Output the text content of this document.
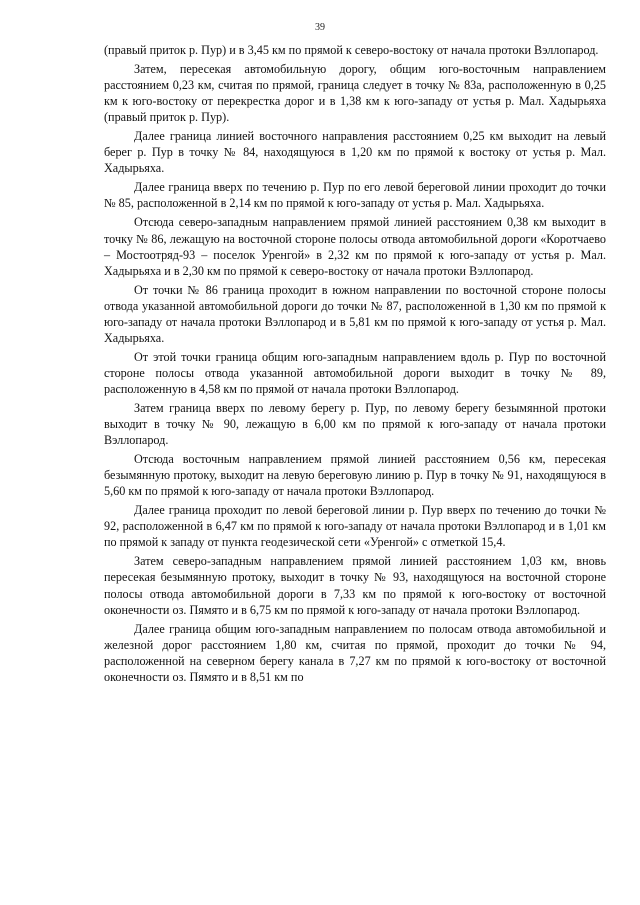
39

(правый приток р. Пур) и в 3,45 км по прямой к северо-востоку от начала протоки Вэллопарод.

Затем, пересекая автомобильную дорогу, общим юго-восточным направлением расстоянием 0,23 км, считая по прямой, граница следует в точку № 83а, расположенную в 0,25 км к юго-востоку от перекрестка дорог и в 1,38 км к юго-западу от устья р. Мал. Хадырьяха (правый приток р. Пур).

Далее граница линией восточного направления расстоянием 0,25 км выходит на левый берег р. Пур в точку № 84, находящуюся в 1,20 км по прямой к востоку от устья р. Мал. Хадырьяха.

Далее граница вверх по течению р. Пур по его левой береговой линии проходит до точки № 85, расположенной в 2,14 км по прямой к юго-западу от устья р. Мал. Хадырьяха.

Отсюда северо-западным направлением прямой линией расстоянием 0,38 км выходит в точку № 86, лежащую на восточной стороне полосы отвода автомобильной дороги «Коротчаево – Мостоотряд-93 – поселок Уренгой» в 2,32 км по прямой к юго-западу от устья р. Мал. Хадырьяха и в 2,30 км по прямой к северо-востоку от начала протоки Вэллопарод.

От точки № 86 граница проходит в южном направлении по восточной стороне полосы отвода указанной автомобильной дороги до точки № 87, расположенной в 1,30 км по прямой к юго-западу от начала протоки Вэллопарод и в 5,81 км по прямой к юго-западу от устья р. Мал. Хадырьяха.

От этой точки граница общим юго-западным направлением вдоль р. Пур по восточной стороне полосы отвода указанной автомобильной дороги выходит в точку № 89, расположенную в 4,58 км по прямой от начала протоки Вэллопарод.

Затем граница вверх по левому берегу р. Пур, по левому берегу безымянной протоки выходит в точку № 90, лежащую в 6,00 км по прямой к юго-западу от начала протоки Вэллопарод.

Отсюда восточным направлением прямой линией расстоянием 0,56 км, пересекая безымянную протоку, выходит на левую береговую линию р. Пур в точку № 91, находящуюся в 5,60 км по прямой к юго-западу от начала протоки Вэллопарод.

Далее граница проходит по левой береговой линии р. Пур вверх по течению до точки № 92, расположенной в 6,47 км по прямой к юго-западу от начала протоки Вэллопарод и в 1,01 км по прямой к западу от пункта геодезической сети «Уренгой» с отметкой 15,4.

Затем северо-западным направлением прямой линией расстоянием 1,03 км, вновь пересекая безымянную протоку, выходит в точку № 93, находящуюся на восточной стороне полосы отвода автомобильной дороги в 7,33 км по прямой к юго-востоку от восточной оконечности оз. Пямято и в 6,75 км по прямой к юго-западу от начала протоки Вэллопарод.

Далее граница общим юго-западным направлением по полосам отвода автомобильной и железной дорог расстоянием 1,80 км, считая по прямой, проходит до точки № 94, расположенной на северном берегу канала в 7,27 км по прямой к юго-востоку от восточной оконечности оз. Пямято и в 8,51 км по
